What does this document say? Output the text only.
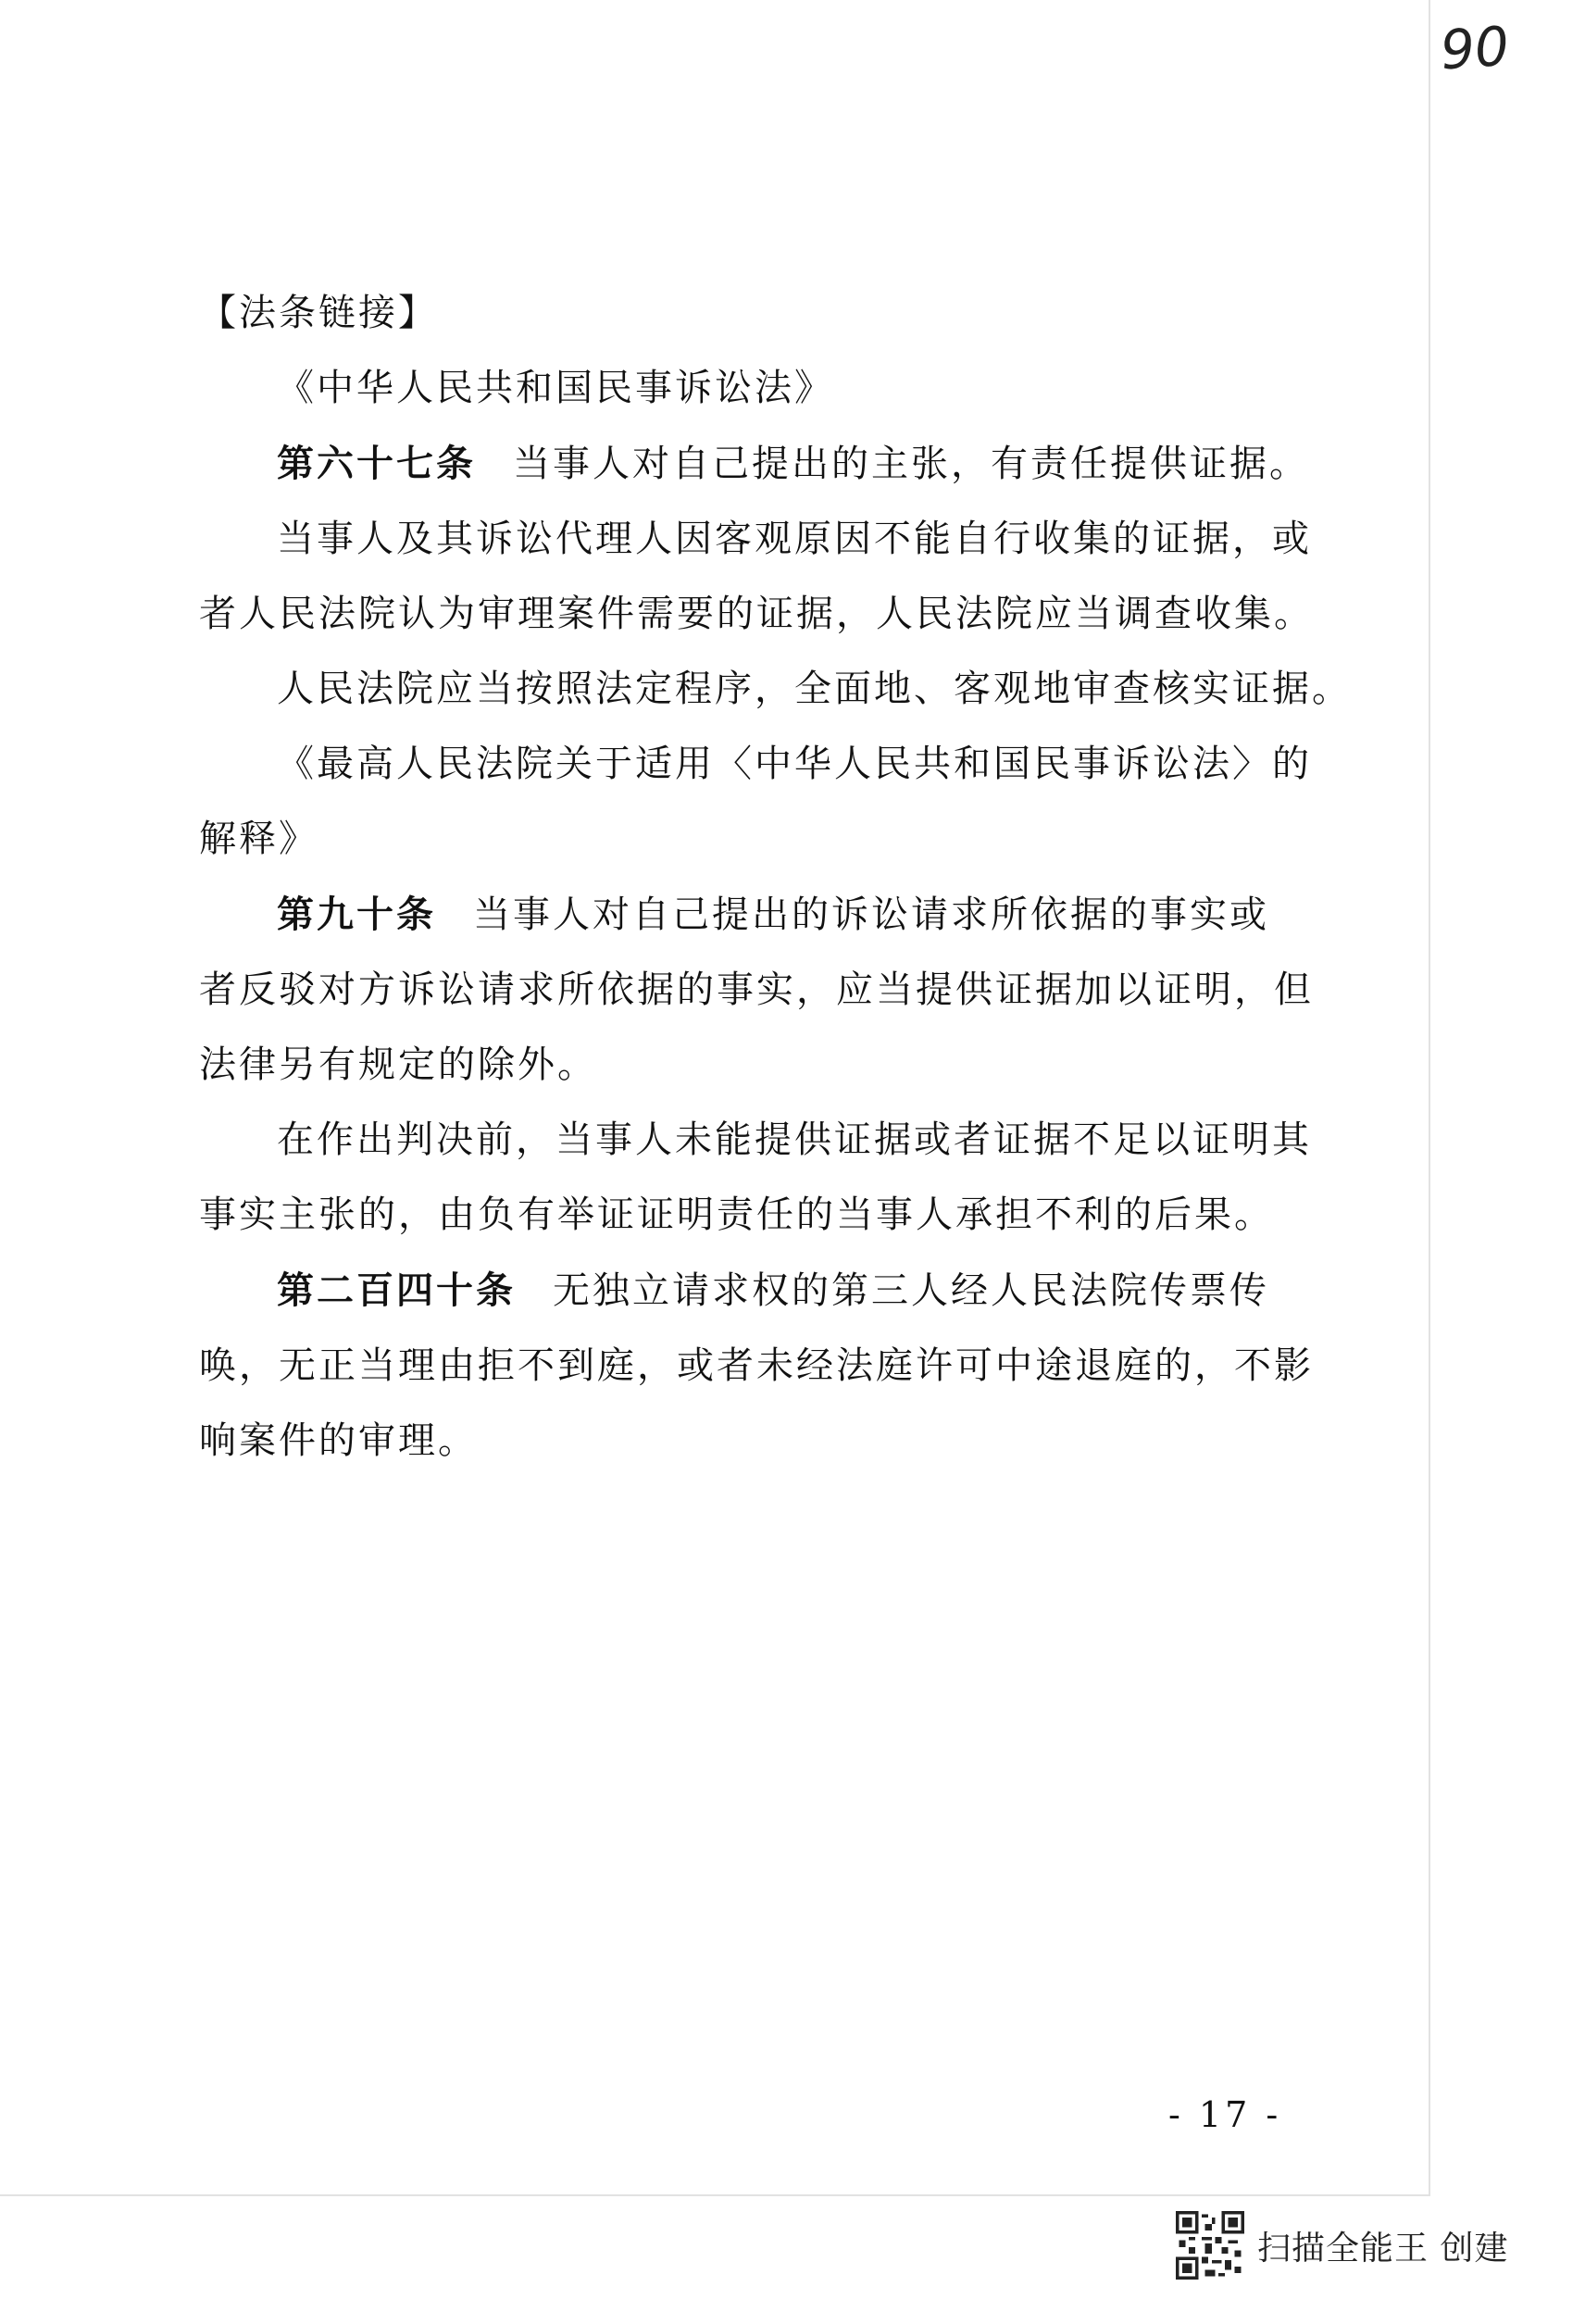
90
【法条链接】
《中华人民共和国民事诉讼法》
第六十七条 当事人对自己提出的主张，有责任提供证据。
当事人及其诉讼代理人因客观原因不能自行收集的证据，或
者人民法院认为审理案件需要的证据，人民法院应当调查收集。
人民法院应当按照法定程序，全面地、客观地审查核实证据。
《最高人民法院关于适用〈中华人民共和国民事诉讼法〉的
解释》
第九十条 当事人对自己提出的诉讼请求所依据的事实或
者反驳对方诉讼请求所依据的事实，应当提供证据加以证明，但
法律另有规定的除外。
在作出判决前，当事人未能提供证据或者证据不足以证明其
事实主张的，由负有举证证明责任的当事人承担不利的后果。
第二百四十条 无独立请求权的第三人经人民法院传票传
唤，无正当理由拒不到庭，或者未经法庭许可中途退庭的，不影
响案件的审理。
- 17 -
扫描全能王 创建
